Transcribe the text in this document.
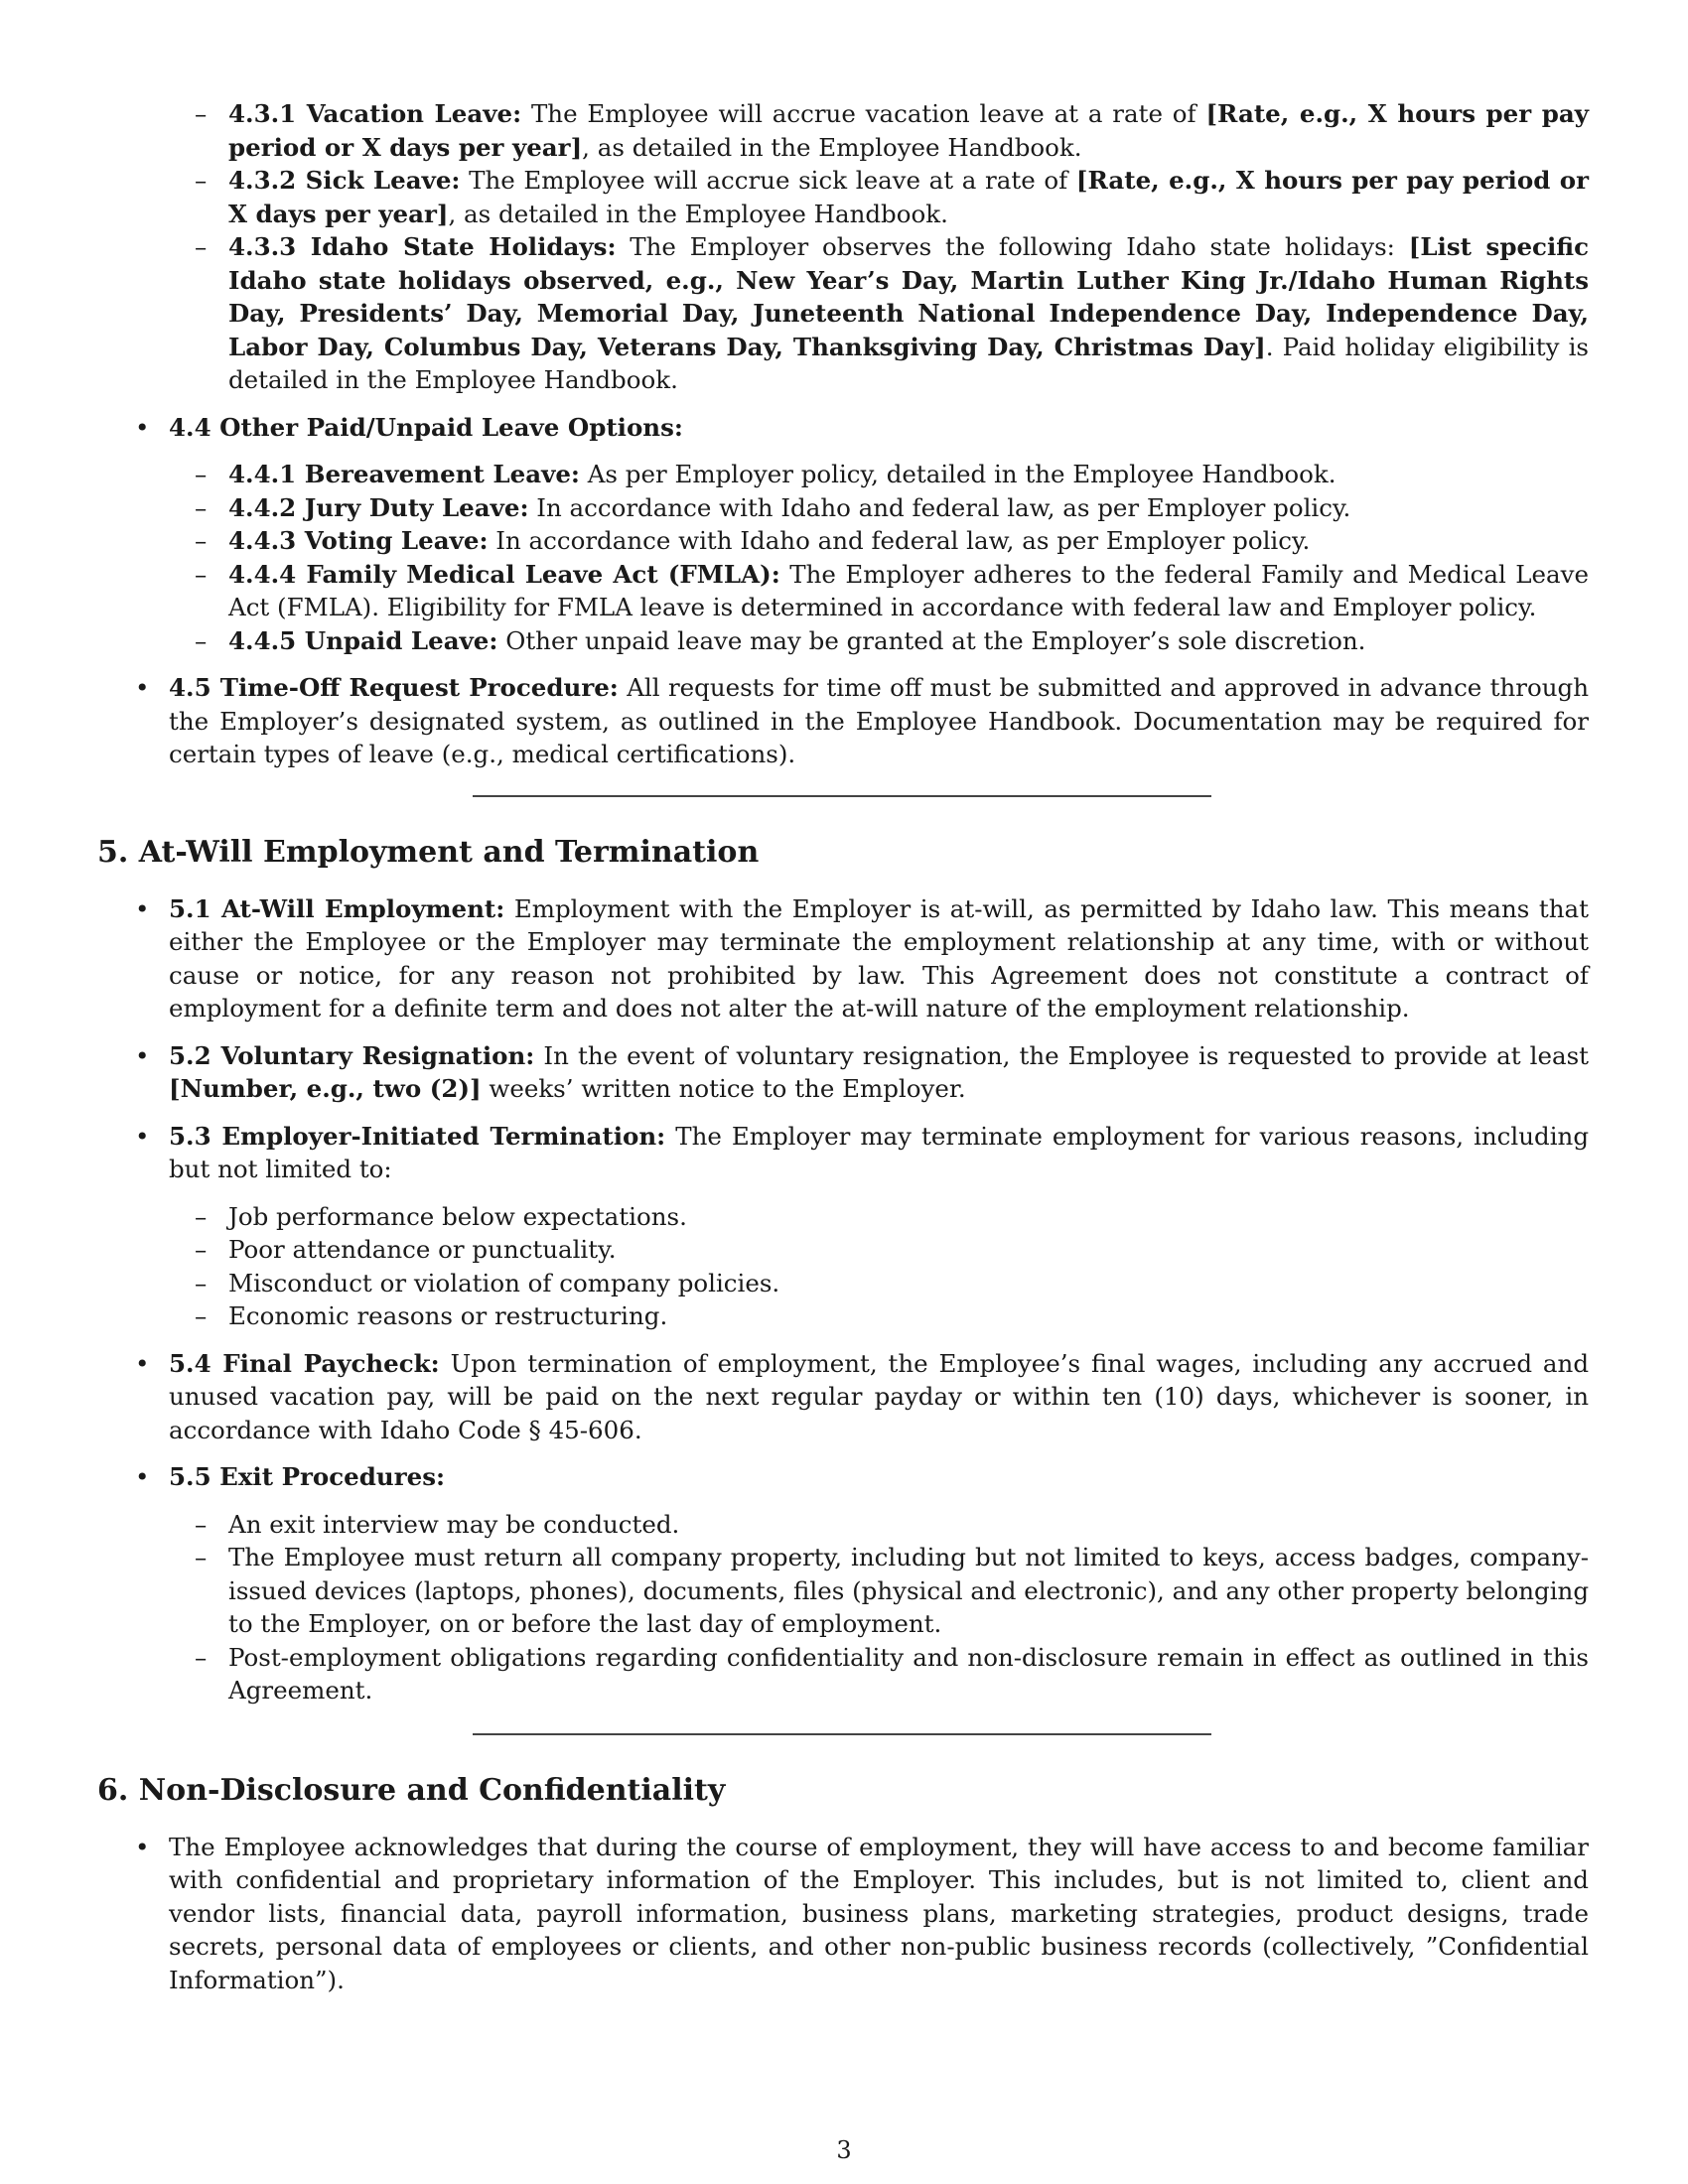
– 4.3.1 Vacation Leave: The Employee will accrue vacation leave at a rate of [Rate, e.g., X hours per pay period or X days per year], as detailed in the Employee Handbook.
– 4.3.2 Sick Leave: The Employee will accrue sick leave at a rate of [Rate, e.g., X hours per pay period or X days per year], as detailed in the Employee Handbook.
– 4.3.3 Idaho State Holidays: The Employer observes the following Idaho state holidays: [List specific Idaho state holidays observed, e.g., New Year’s Day, Martin Luther King Jr./Idaho Human Rights Day, Presidents’ Day, Memorial Day, Juneteenth National Independence Day, Independence Day, Labor Day, Columbus Day, Veterans Day, Thanksgiving Day, Christmas Day]. Paid holiday eligibility is detailed in the Employee Handbook.
• 4.4 Other Paid/Unpaid Leave Options:
– 4.4.1 Bereavement Leave: As per Employer policy, detailed in the Employee Handbook.
– 4.4.2 Jury Duty Leave: In accordance with Idaho and federal law, as per Employer policy.
– 4.4.3 Voting Leave: In accordance with Idaho and federal law, as per Employer policy.
– 4.4.4 Family Medical Leave Act (FMLA): The Employer adheres to the federal Family and Medical Leave Act (FMLA). Eligibility for FMLA leave is determined in accordance with federal law and Employer policy.
– 4.4.5 Unpaid Leave: Other unpaid leave may be granted at the Employer’s sole discretion.
• 4.5 Time-Off Request Procedure: All requests for time off must be submitted and approved in advance through the Employer’s designated system, as outlined in the Employee Handbook. Documentation may be required for certain types of leave (e.g., medical certifications).
5. At-Will Employment and Termination
• 5.1 At-Will Employment: Employment with the Employer is at-will, as permitted by Idaho law. This means that either the Employee or the Employer may terminate the employment relationship at any time, with or without cause or notice, for any reason not prohibited by law. This Agreement does not constitute a contract of employment for a definite term and does not alter the at-will nature of the employment relationship.
• 5.2 Voluntary Resignation: In the event of voluntary resignation, the Employee is requested to provide at least [Number, e.g., two (2)] weeks’ written notice to the Employer.
• 5.3 Employer-Initiated Termination: The Employer may terminate employment for various reasons, including but not limited to:
– Job performance below expectations.
– Poor attendance or punctuality.
– Misconduct or violation of company policies.
– Economic reasons or restructuring.
• 5.4 Final Paycheck: Upon termination of employment, the Employee’s final wages, including any accrued and unused vacation pay, will be paid on the next regular payday or within ten (10) days, whichever is sooner, in accordance with Idaho Code § 45-606.
• 5.5 Exit Procedures:
– An exit interview may be conducted.
– The Employee must return all company property, including but not limited to keys, access badges, company-issued devices (laptops, phones), documents, files (physical and electronic), and any other property belonging to the Employer, on or before the last day of employment.
– Post-employment obligations regarding confidentiality and non-disclosure remain in effect as outlined in this Agreement.
6. Non-Disclosure and Confidentiality
• The Employee acknowledges that during the course of employment, they will have access to and become familiar with confidential and proprietary information of the Employer. This includes, but is not limited to, client and vendor lists, financial data, payroll information, business plans, marketing strategies, product designs, trade secrets, personal data of employees or clients, and other non-public business records (collectively, ”Confidential Information”).
3
